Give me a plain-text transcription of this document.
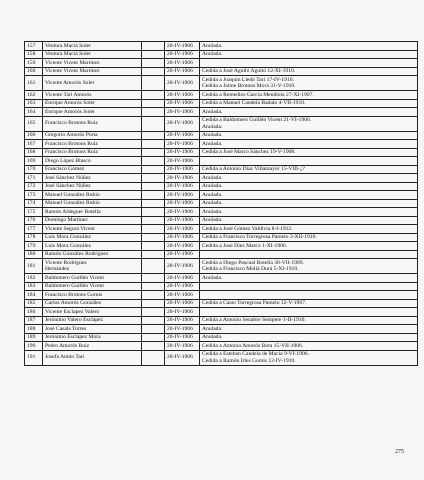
157	Ventura Maciá Soler		20-IV-1906	Anulada.

158	Ventura Maciá Soler		20-IV-1906	Anulada.

159	Vicente Vicent Martínez		20-IV-1906	

160	Vicente Vicent Martínez		20-IV-1906	Cedida a José Agulló Agulló 12-XI-1910.

161	Vicente Amorós Soler		20-IV-1906	Cedida a Joaquín Lledó Tari 17-IV-1910.
Cedida a Jaime Brotons Mora 31-V-1910.

162	Vicente Tari Amorós		20-IV-1906	Cedida a Remedios García Mendiola 27-XI-1907.

163	Enrique Amorós Soler		20-IV-1906	Cedida a Manuel Candela Badalo 4-VII-1910.

164	Enrique Amorós Soler		20-IV-1906	Anulada.

165	Francisco Brotons Ruiz		20-IV-1906	Cedida a Baldomero Guillén Vicent 21-VI-1906.
Anulada.

166	Gregorio Amorós Porta		20-IV-1906	Anulada.

167	Francisco Brotons Ruiz		20-IV-1906	Anulada.

168	Francisco Brotons Ruiz		20-IV-1906	Cedida a José Marco Sánchez 19-V-1908.

169	Diego López Blasco		20-IV-1906	

170	Francisco Gómez		20-IV-1906	Cedida a Antonio Díaz Villamayor 15-VIII-¿?

171	José Sánchez Núñez		20-IV-1906	Anulada.

172	José Sánchez Núñez		20-IV-1906	Anulada.

173	Manuel González Rubio		20-IV-1906	Anulada.

174	Manuel González Rubio		20-IV-1906	Anulada.

175	Ramón Aldeguer Botella		20-IV-1906	Anulada.

176	Domingo Martínez		20-IV-1906	Anulada.

177	Vicente Segura Vicent		20-IV-1906	Cedida a José Gómez Valdivia 8-I-1912.

178	Luis Mora González		20-IV-1906	Cedida a Francisco Torregrosa Pamelo 3-XII-1910.

179	Luis Mora González		20-IV-1906	Cedida a José Díez Marco 1-XI-1906.

180	Ramón González Rodríguez		20-IV-1906	

181	Vicente Rodríguez
Hernández		20-IV-1906	Cedida a Diego Pascual Botella 30-VII-1909.
Cedida a Francisco Mollá Durá 5-XI-1910.

182	Baldomero Guillén Vicent		20-IV-1906	Anulada.

183	Baldomero Guillén Vicent		20-IV-1906	

184	Francisco Brotons Gomis		20-IV-1906	

185	Carlos Amorós González		20-IV-1906	Cedida a Casto Torregrosa Pamelo 12-V-1907.

186	Vicente Esclapez Valero		20-IV-1906	

187	Jerónimo Valero Esclapez		20-IV-1906	Cedida a Antonio Senabre Sempere 1-II-1910.

188	José Casals Torres		20-IV-1906	Anulada.

189	Jerónimo Esclapez Mora		20-IV-1906	Anulada.

190	Pedro Amorós Ruiz		20-IV-1906	Cedida a Antonio Amorós Bota 15-VII-1906.

191	Josefa Antón Tari		20-IV-1906	Cedida a Esteban Candela de Macia 9-VI-1906.
Cedida a Ramón Irles Gomis 12-IV-1910.
275
